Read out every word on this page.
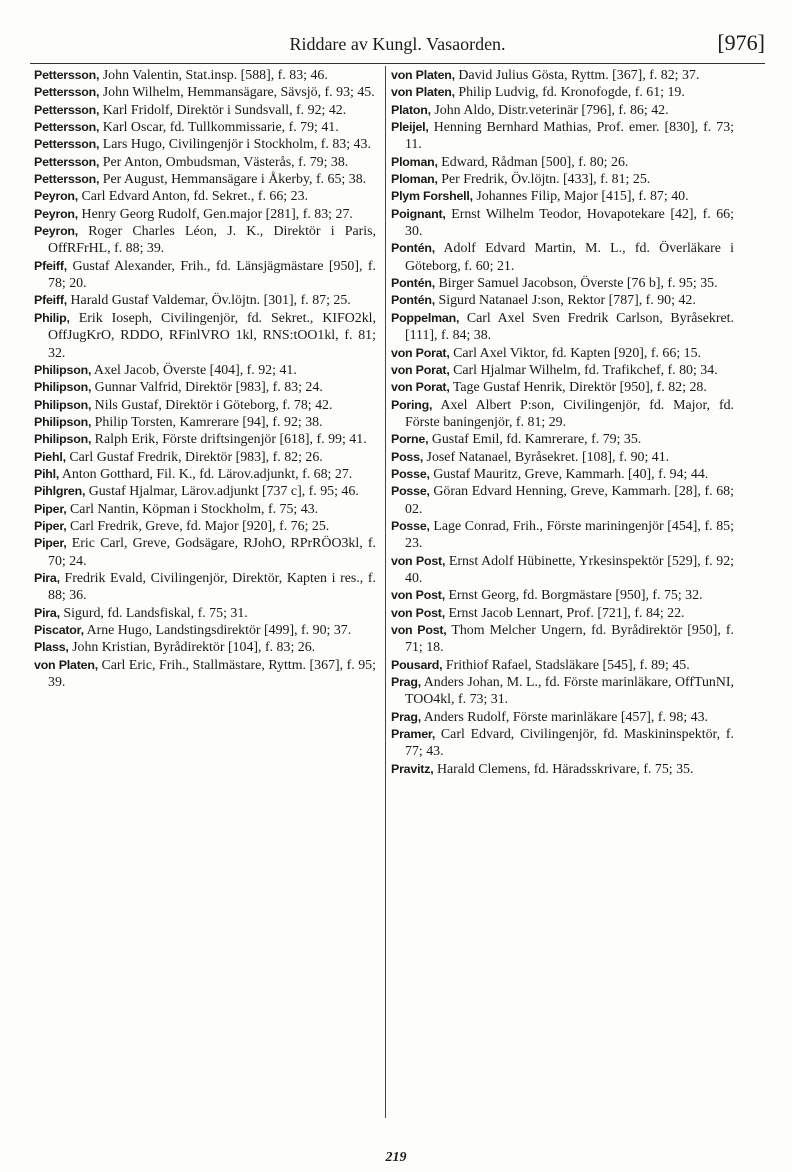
Riddare av Kungl. Vasaorden.	[976]
Pettersson, John Valentin, Stat.insp. [588], f. 83; 46.
Pettersson, John Wilhelm, Hemmansägare, Sävsjö, f. 93; 45.
Pettersson, Karl Fridolf, Direktör i Sundsvall, f. 92; 42.
Pettersson, Karl Oscar, fd. Tullkommissarie, f. 79; 41.
Pettersson, Lars Hugo, Civilingenjör i Stockholm, f. 83; 43.
Pettersson, Per Anton, Ombudsman, Västerås, f. 79; 38.
Pettersson, Per August, Hemmansägare i Åkerby, f. 65; 38.
Peyron, Carl Edvard Anton, fd. Sekret., f. 66; 23.
Peyron, Henry Georg Rudolf, Gen.major [281], f. 83; 27.
Peyron, Roger Charles Léon, J. K., Direktör i Paris, OffRFrHL, f. 88; 39.
Pfeiff, Gustaf Alexander, Frih., fd. Länsjägmästare [950], f. 78; 20.
Pfeiff, Harald Gustaf Valdemar, Öv.löjtn. [301], f. 87; 25.
Philip, Erik Ioseph, Civilingenjör, fd. Sekret., KIFO2kl, OffJugKrO, RDDO, RFinlVRO 1kl, RNS:tOO1kl, f. 81; 32.
Philipson, Axel Jacob, Överste [404], f. 92; 41.
Philipson, Gunnar Valfrid, Direktör [983], f. 83; 24.
Philipson, Nils Gustaf, Direktör i Göteborg, f. 78; 42.
Philipson, Philip Torsten, Kamrerare [94], f. 92; 38.
Philipson, Ralph Erik, Förste driftsingenjör [618], f. 99; 41.
Piehl, Carl Gustaf Fredrik, Direktör [983], f. 82; 26.
Pihl, Anton Gotthard, Fil. K., fd. Lärov.adjunkt, f. 68; 27.
Pihlgren, Gustaf Hjalmar, Lärov.adjunkt [737 c], f. 95; 46.
Piper, Carl Nantin, Köpman i Stockholm, f. 75; 43.
Piper, Carl Fredrik, Greve, fd. Major [920], f. 76; 25.
Piper, Eric Carl, Greve, Godsägare, RJohO, RPrRÖO3kl, f. 70; 24.
Pira, Fredrik Evald, Civilingenjör, Direktör, Kapten i res., f. 88; 36.
Pira, Sigurd, fd. Landsfiskal, f. 75; 31.
Piscator, Arne Hugo, Landstingsdirektör [499], f. 90; 37.
Plass, John Kristian, Byrådirektör [104], f. 83; 26.
von Platen, Carl Eric, Frih., Stallmästare, Ryttm. [367], f. 95; 39.
von Platen, David Julius Gösta, Ryttm. [367], f. 82; 37.
von Platen, Philip Ludvig, fd. Kronofogde, f. 61; 19.
Platon, John Aldo, Distr.veterinär [796], f. 86; 42.
Pleijel, Henning Bernhard Mathias, Prof. emer. [830], f. 73; 11.
Ploman, Edward, Rådman [500], f. 80; 26.
Ploman, Per Fredrik, Öv.löjtn. [433], f. 81; 25.
Plym Forshell, Johannes Filip, Major [415], f. 87; 40.
Poignant, Ernst Wilhelm Teodor, Hovapotekare [42], f. 66; 30.
Pontén, Adolf Edvard Martin, M. L., fd. Överläkare i Göteborg, f. 60; 21.
Pontén, Birger Samuel Jacobson, Överste [76 b], f. 95; 35.
Pontén, Sigurd Natanael J:son, Rektor [787], f. 90; 42.
Poppelman, Carl Axel Sven Fredrik Carlson, Byråsekret. [111], f. 84; 38.
von Porat, Carl Axel Viktor, fd. Kapten [920], f. 66; 15.
von Porat, Carl Hjalmar Wilhelm, fd. Trafikchef, f. 80; 34.
von Porat, Tage Gustaf Henrik, Direktör [950], f. 82; 28.
Poring, Axel Albert P:son, Civilingenjör, fd. Major, fd. Förste baningenjör, f. 81; 29.
Porne, Gustaf Emil, fd. Kamrerare, f. 79; 35.
Poss, Josef Natanael, Byråsekret. [108], f. 90; 41.
Posse, Gustaf Mauritz, Greve, Kammarh. [40], f. 94; 44.
Posse, Göran Edvard Henning, Greve, Kammarh. [28], f. 68; 02.
Posse, Lage Conrad, Frih., Förste mariningenjör [454], f. 85; 23.
von Post, Ernst Adolf Hübinette, Yrkesinspektör [529], f. 92; 40.
von Post, Ernst Georg, fd. Borgmästare [950], f. 75; 32.
von Post, Ernst Jacob Lennart, Prof. [721], f. 84; 22.
von Post, Thom Melcher Ungern, fd. Byrådirektör [950], f. 71; 18.
Pousard, Frithiof Rafael, Stadsläkare [545], f. 89; 45.
Prag, Anders Johan, M. L., fd. Förste marinläkare, OffTunNI, TOO4kl, f. 73; 31.
Prag, Anders Rudolf, Förste marinläkare [457], f. 98; 43.
Pramer, Carl Edvard, Civilingenjör, fd. Maskininspektör, f. 77; 43.
Pravitz, Harald Clemens, fd. Häradsskrivare, f. 75; 35.
219
